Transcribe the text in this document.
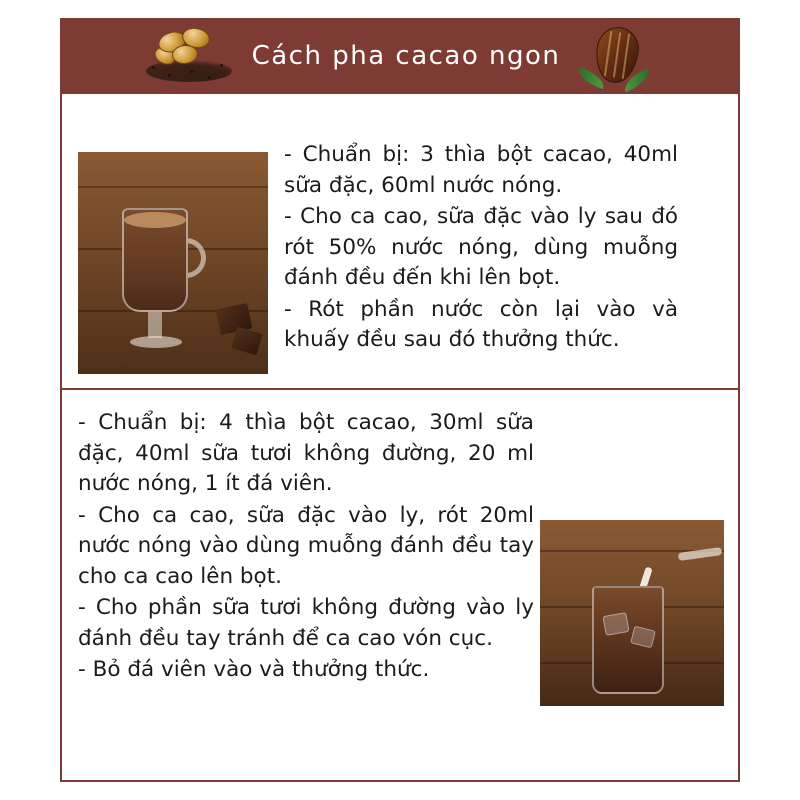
Cách pha cacao ngon

- Chuẩn bị: 3 thìa bột cacao, 40ml sữa đặc, 60ml nước nóng.

- Cho ca cao, sữa đặc vào ly sau đó rót 50% nước nóng, dùng muỗng đánh đều đến khi lên bọt.

- Rót phần nước còn lại vào và khuấy đều sau đó thưởng thức.

- Chuẩn bị: 4 thìa bột cacao, 30ml sữa đặc, 40ml sữa tươi không đường, 20 ml nước nóng, 1 ít đá viên.

- Cho ca cao, sữa đặc vào ly, rót 20ml nước nóng vào dùng muỗng đánh đều tay cho ca cao lên bọt.

- Cho phần sữa tươi không đường vào ly đánh đều tay tránh để ca cao vón cục.

- Bỏ đá viên vào và thưởng thức.
